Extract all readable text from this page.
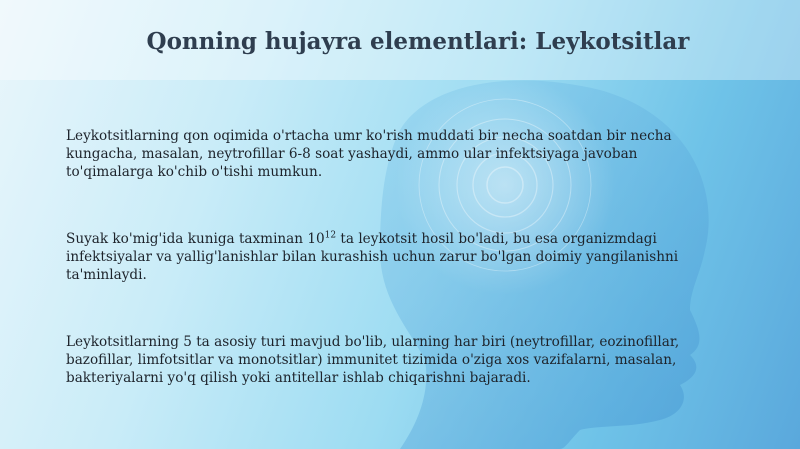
Qonning hujayra elementlari: Leykotsitlar
Leykotsitlarning qon oqimida o'rtacha umr ko'rish muddati bir necha soatdan bir necha kungacha, masalan, neytrofillar 6-8 soat yashaydi, ammo ular infektsiyaga javoban to'qimalarga ko'chib o'tishi mumkun.
Suyak ko'mig'ida kuniga taxminan $10^{12}$ ta leykotsit hosil bo'ladi, bu esa organizmdagi infektsiyalar va yallig'lanishlar bilan kurashish uchun zarur bo'lgan doimiy yangilanishni ta'minlaydi.
Leykotsitlarning 5 ta asosiy turi mavjud bo'lib, ularning har biri (neytrofillar, eozinofillar, bazofillar, limfotsitlar va monotsitlar) immunitet tizimida o'ziga xos vazifalarni, masalan, bakteriyalarni yo'q qilish yoki antitellar ishlab chiqarishni bajaradi.
